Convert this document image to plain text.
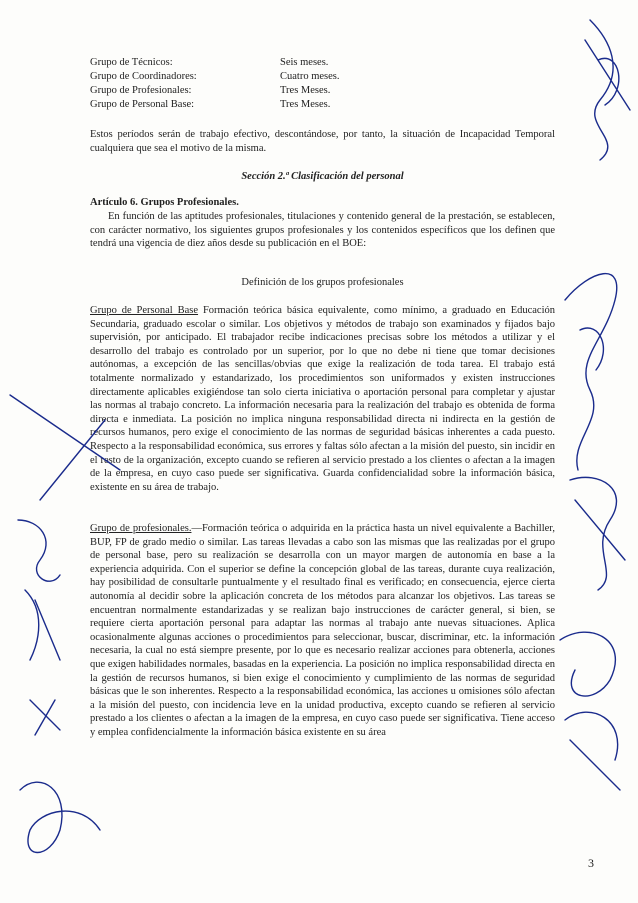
Grupo de Técnicos:	Seis meses.
Grupo de Coordinadores:	Cuatro meses.
Grupo de Profesionales:	Tres Meses.
Grupo de Personal Base:	Tres Meses.
Estos períodos serán de trabajo efectivo, descontándose, por tanto, la situación de Incapacidad Temporal cualquiera que sea el motivo de la misma.
Sección 2.ª Clasificación del personal
Artículo 6. Grupos Profesionales.
En función de las aptitudes profesionales, titulaciones y contenido general de la prestación, se establecen, con carácter normativo, los siguientes grupos profesionales y los contenidos específicos que los definen que tendrá una vigencia de diez años desde su publicación en el BOE:
Definición de los grupos profesionales
Grupo de Personal Base Formación teórica básica equivalente, como mínimo, a graduado en Educación Secundaria, graduado escolar o similar. Los objetivos y métodos de trabajo son examinados y fijados bajo supervisión, por anticipado. El trabajador recibe indicaciones precisas sobre los métodos a utilizar y el desarrollo del trabajo es controlado por un superior, por lo que no debe ni tiene que tomar decisiones autónomas, a excepción de las sencillas/obvias que exige la realización de toda tarea. El trabajo está totalmente normalizado y estandarizado, los procedimientos son uniformados y existen instrucciones directamente aplicables exigiéndose tan solo cierta iniciativa o aportación personal para completar y ajustar las normas al trabajo concreto. La información necesaria para la realización del trabajo es obtenida de forma directa e inmediata. La posición no implica ninguna responsabilidad directa ni indirecta en la gestión de recursos humanos, pero exige el conocimiento de las normas de seguridad básicas inherentes a cada puesto. Respecto a la responsabilidad económica, sus errores y faltas sólo afectan a la misión del puesto, sin incidir en el resto de la organización, excepto cuando se refieren al servicio prestado a los clientes o afectan a la imagen de la empresa, en cuyo caso puede ser significativa. Guarda confidencialidad sobre la información básica, existente en su área de trabajo.
Grupo de profesionales.—Formación teórica o adquirida en la práctica hasta un nivel equivalente a Bachiller, BUP, FP de grado medio o similar. Las tareas llevadas a cabo son las mismas que las realizadas por el grupo de personal base, pero su realización se desarrolla con un mayor margen de autonomía en base a la experiencia adquirida. Con el superior se define la concepción global de las tareas, durante cuya realización, hay posibilidad de consultarle puntualmente y el resultado final es verificado; en consecuencia, ejerce cierta autonomía al decidir sobre la aplicación concreta de los métodos para alcanzar los objetivos. Las tareas se encuentran normalmente estandarizadas y se realizan bajo instrucciones de carácter general, si bien, se requiere cierta aportación personal para adaptar las normas al trabajo ante nuevas situaciones. Aplica ocasionalmente algunas acciones o procedimientos para seleccionar, buscar, discriminar, etc. la información necesaria, la cual no está siempre presente, por lo que es necesario realizar acciones para obtenerla, acciones que exigen habilidades normales, basadas en la experiencia. La posición no implica responsabilidad directa en la gestión de recursos humanos, si bien exige el conocimiento y cumplimiento de las normas de seguridad básicas que le son inherentes. Respecto a la responsabilidad económica, las acciones u omisiones sólo afectan a la misión del puesto, con incidencia leve en la unidad productiva, excepto cuando se refieren al servicio prestado a los clientes o afectan a la imagen de la empresa, en cuyo caso puede ser significativa. Tiene acceso y emplea confidencialmente la información básica existente en su área
3
